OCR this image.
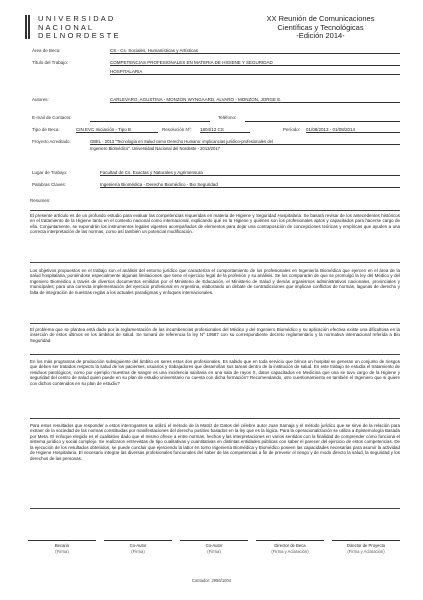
U N I V E R S I D A D
N A C I O N A L
D E L N O R D E S T E
XX Reunión de Comunicaciones
Científicas y Tecnológicas
-Edición 2014-
Área de Beca:	CS - Cs. Sociales, Humanísticas y Artísticas
Título del Trabajo:	COMPETENCIAS PROFESIONALES EN MATERIA DE HIGIENE Y SEGURIDAD
HOSPITALARIA
Autores:	CARLEVARO, AGUSTINA - MONZON WYNGAARD, ALVARO - MONZON, JORGE E.
E-mail de Contacto:	Teléfono:
Tipo de Beca:	CIN EVC Iniciación - Tipo B	Resolución Nº: 1804/12 CS	Período: 01/08/2013 - 01/08/2014
Proyecto Acreditado:	GBEL - 2013 "Tecnología en Salud como Derecho Humano: implicancias jurídico-profesionales del
Ingeniero Biomédico". Universidad Nacional del Nordeste - 2013/2017
Lugar de Trabajo:	Facultad de Cs. Exactas y Naturales y Agrimensura
Palabras Claves:	Ingeniería Biomédica - Derecho Biomédico - Bio Seguridad
Resumen:
El presente artículo es de un profundo estudio para evaluar las competencias requeridas en materia de Higiene y Seguridad Hospitalaria. Se basará revisar de los antecedentes históricos en el tratamiento de la Higiene tanto en el contexto nacional como internacional, explicando qué es la Higiene y quiénes son los profesionales aptos y capacitados para hacerse cargo de ella. Conjuntamente, se expondrán los instrumentos legales vigentes acompañados de elementos para dejar una contraposición de concepciones teóricas y empíricas que ayuden a una correcta interpretación de las normas, como así también un potencial modificación.
Los objetivos propuestos en el trabajo son el análisis del entorno jurídico que caracteriza el comportamiento de los profesionales en Ingeniería Biomédica que ejercen en el área de la salud hospitalaria, poniéndose especialmente algunas limitaciones que tiene el ejercicio legal de la profesión y su análisis. Se los compararán de que se promulgó la ley del Médico y del Ingeniero Biomédico a través de diversos documentos emitidos por el Ministerio de Educación, el Ministerio de Salud y demás organismos administrativos nacionales, provinciales y municipales; para una correcta implementación del ejercicio profesional en Argentina, elaborando un debate de contradicciones que implican conflictos de normas, lagunas de derecho y falta de integración de nuestras reglas a los actuales paradigmas y enfoques internacionales.
El problema que se plantea está dado por la reglamentación de las incumbencias profesionales del Médico y del Ingeniero Biomédico y su aplicación efectiva existe una dificultosa en la inserción de éstos últimos en los ámbitos de salud. Se tomará de referencia la ley Nº 19587 con su correspondiente decreto reglamentario y la normativa internacional referida a Bio Seguridad.
En los más programas de producción subsiguiente del ámbito en seres estos dos profesionales. Es sabido que en toda servicio que brinca un hospital se generan un conjunto de riesgos que deben ser tratados respecto la salud de los pacientes, usuarios y trabajadores que desarrollan sus tareas dentro de la institución de salud. En este trabajo se estudia el tratamiento de residuos patológicos, como por ejemplo muestras de sangre es una incidencia sanitaria en una sala de rayos X, datos capacitados en Medicina que una se tuvo cargo de la Higiene y seguridad del centro de salud quien puede en su plan de estudio universitario no cuenta con dicha formación? Recomendando, otro cuestionamiento es también el Ingeniero que si quiere con dichos contenidos en su plan de estudio?
Para estos resultados que responder a estos interrogantes se utilizó el método de la Matriz de Datos del célebre autor Juan Samaja y el método jurídico que se sirve de la relación para extraer de la sociedad de las normas constituidas por manifestaciones del derecho positivo basados en la ley que es la lógica. Para la operacionalización se utiliza a Epistemología Basada por Meta. El enfoque elegido es el cualitativo dado que el mismo ofrece a entre normas, hechos y las interpretaciones en varios sentidos con la finalidad de comprender cómo funciona el sistema jurídico y social complejo. Se realizaron entrevistas de tipo cualitativas y cuantitativas en distintas entidades públicas con saber el parecer del ejercicio de estos competencias. De la ejecución de los resultados obtenidos, se puede concluir que ejerciendo la labor en torno Ingeniería Biomédica y Biomédico poseen las capacidades necesarias para asumir la actividad de Higiene Hospitalaria. El necesario integrar las diversas profesionales funcionales del saber de las competencias a fin de prevenir el riesgo y de modo directo la salud, la seguridad y los derechos de las personas.
Becario
(Firma)
Co-Autor
(Firma)
Co-Autor
(Firma)
Director de Beca
(Firma y Aclaración)
Director de Proyecto
(Firma y Aclaración)
Contador: 2956/1004
